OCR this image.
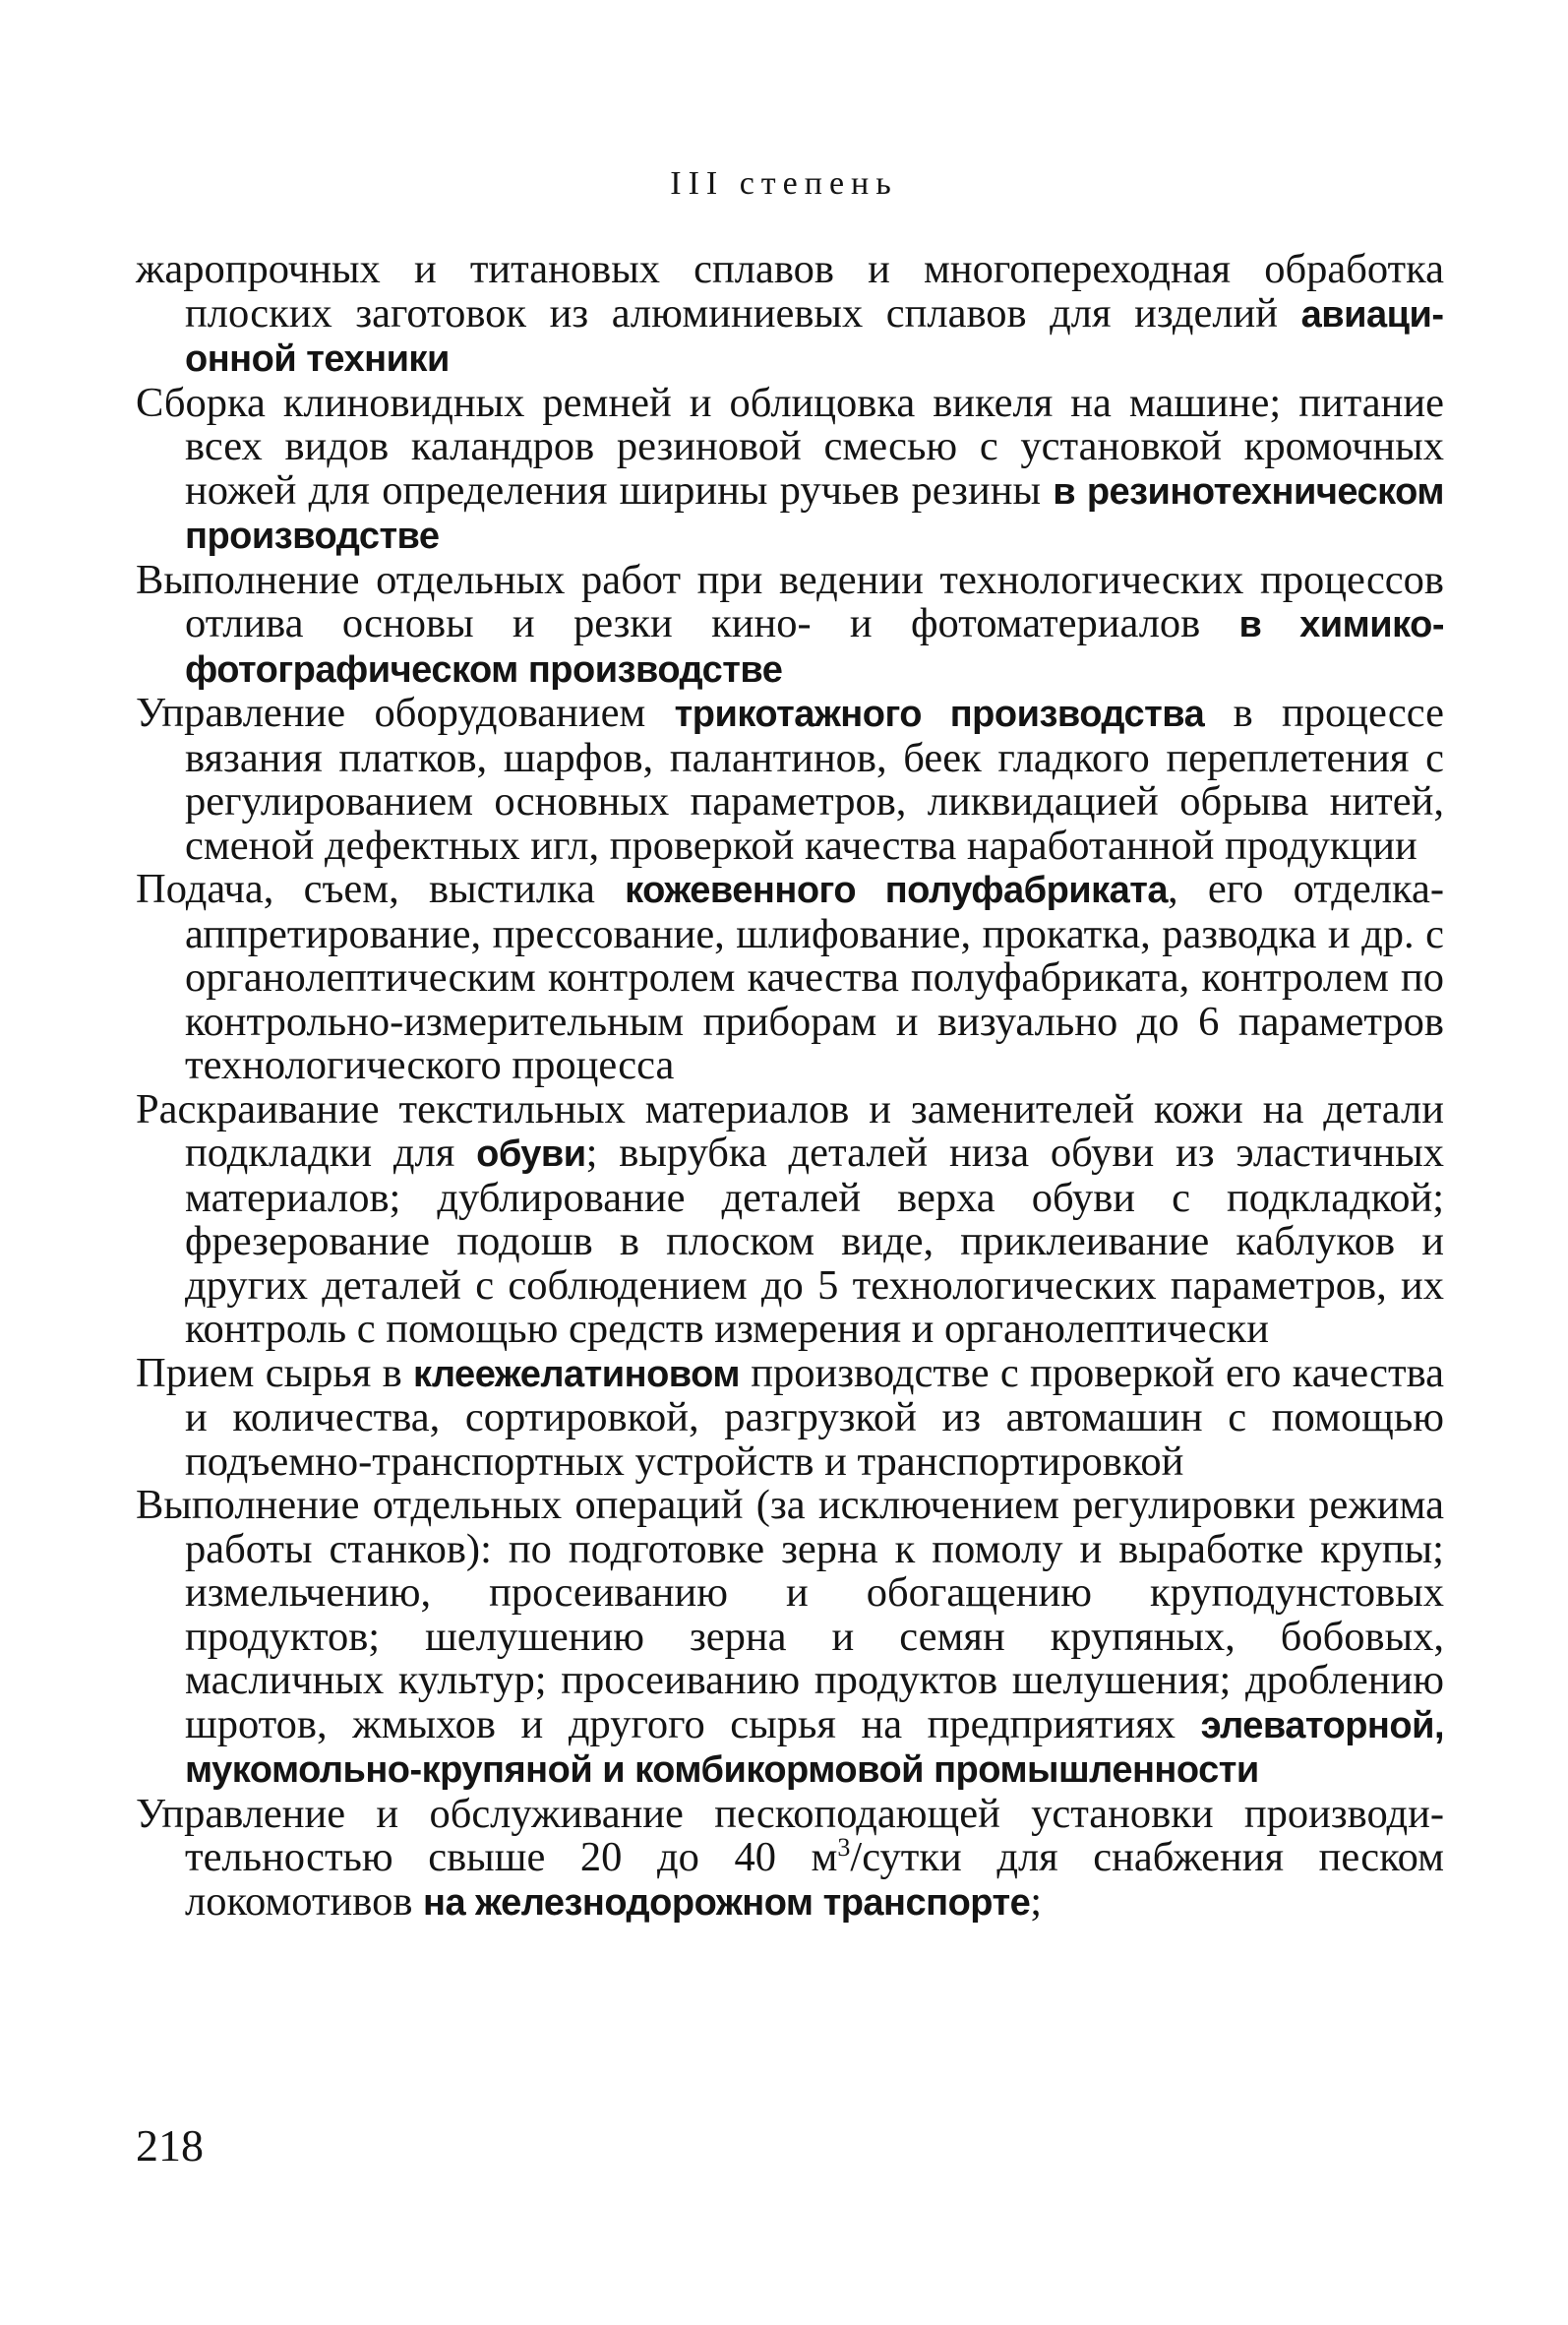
III степень

жаропрочных и титановых сплавов и многопереходная обработка плоских заготовок из алюминиевых сплавов для изделий авиационной техники

Сборка клиновидных ремней и облицовка викеля на машине; питание всех видов каландров резиновой смесью с установкой кромочных ножей для определения ширины ручьев резины в резинотехническом производстве

Выполнение отдельных работ при ведении технологических процессов отлива основы и резки кино- и фотоматериалов в химико-фотографическом производстве

Управление оборудованием трикотажного производства в процессе вязания платков, шарфов, палантинов, беек гладкого переплетения с регулированием основных параметров, ликвидацией обрыва нитей, сменой дефектных игл, проверкой качества наработанной продукции

Подача, съем, выстилка кожевенного полуфабриката, его отделка-аппретирование, прессование, шлифование, прокатка, разводка и др. с органолептическим контролем качества полуфабриката, контролем по контрольно-измерительным приборам и визуально до 6 параметров технологического процесса

Раскраивание текстильных материалов и заменителей кожи на детали подкладки для обуви; вырубка деталей низа обуви из эластичных материалов; дублирование деталей верха обуви с подкладкой; фрезерование подошв в плоском виде, приклеивание каблуков и других деталей с соблюдением до 5 технологических параметров, их контроль с помощью средств измерения и органолептически

Прием сырья в клеежелатиновом производстве с проверкой его качества и количества, сортировкой, разгрузкой из автомашин с помощью подъемно-транспортных устройств и транспортировкой

Выполнение отдельных операций (за исключением регулировки режима работы станков): по подготовке зерна к помолу и выработке крупы; измельчению, просеиванию и обогащению круподунстовых продуктов; шелушению зерна и семян крупяных, бобовых, масличных культур; просеиванию продуктов шелушения; дроблению шротов, жмыхов и другого сырья на предприятиях элеваторной, мукомольно-крупяной и комбикормовой промышленности

Управление и обслуживание пескоподающей установки производительностью свыше 20 до 40 $м^3$/сутки для снабжения песком локомотивов на железнодорожном транспорте;

218
